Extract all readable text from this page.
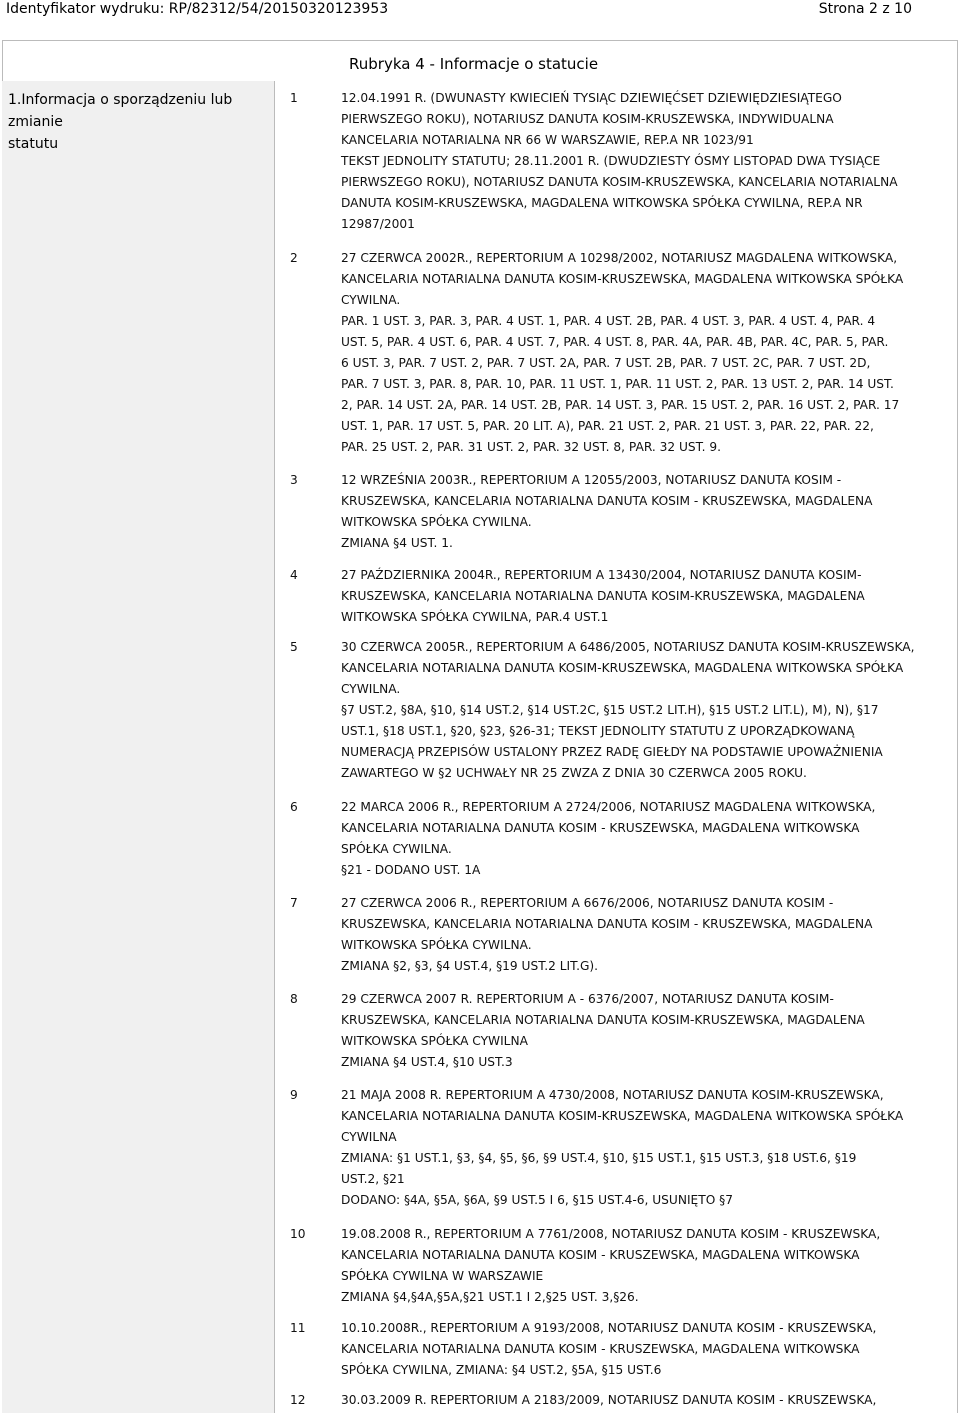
Identyfikator wydruku: RP/82312/54/20150320123953	Strona 2 z 10
Rubryka 4 - Informacje o statucie
1.Informacja o sporządzeniu lub zmianie
statutu
1	12.04.1991 R. (DWUNASTY KWIECIEŃ TYSIĄC DZIEWIĘĆSET DZIEWIĘDZIESIĄTEGO
PIERWSZEGO ROKU), NOTARIUSZ DANUTA KOSIM-KRUSZEWSKA, INDYWIDUALNA
KANCELARIA NOTARIALNA NR 66 W WARSZAWIE, REP.A NR 1023/91
TEKST JEDNOLITY STATUTU; 28.11.2001 R. (DWUDZIESTY ÓSMY LISTOPAD DWA TYSIĄCE
PIERWSZEGO ROKU), NOTARIUSZ DANUTA KOSIM-KRUSZEWSKA, KANCELARIA NOTARIALNA
DANUTA KOSIM-KRUSZEWSKA, MAGDALENA WITKOWSKA SPÓŁKA CYWILNA, REP.A NR
12987/2001
2	27 CZERWCA 2002R., REPERTORIUM A 10298/2002, NOTARIUSZ MAGDALENA WITKOWSKA,
KANCELARIA NOTARIALNA DANUTA KOSIM-KRUSZEWSKA, MAGDALENA WITKOWSKA SPÓŁKA
CYWILNA.
PAR. 1 UST. 3, PAR. 3, PAR. 4 UST. 1, PAR. 4 UST. 2B, PAR. 4 UST. 3, PAR. 4 UST. 4, PAR. 4
UST. 5, PAR. 4 UST. 6, PAR. 4 UST. 7, PAR. 4 UST. 8, PAR. 4A, PAR. 4B, PAR. 4C, PAR. 5, PAR.
6 UST. 3, PAR. 7 UST. 2, PAR. 7 UST. 2A, PAR. 7 UST. 2B, PAR. 7 UST. 2C, PAR. 7 UST. 2D,
PAR. 7 UST. 3, PAR. 8, PAR. 10, PAR. 11 UST. 1, PAR. 11 UST. 2, PAR. 13 UST. 2, PAR. 14 UST.
2, PAR. 14 UST. 2A, PAR. 14 UST. 2B, PAR. 14 UST. 3, PAR. 15 UST. 2, PAR. 16 UST. 2, PAR. 17
UST. 1, PAR. 17 UST. 5, PAR. 20 LIT. A), PAR. 21 UST. 2, PAR. 21 UST. 3, PAR. 22, PAR. 22,
PAR. 25 UST. 2, PAR. 31 UST. 2, PAR. 32 UST. 8, PAR. 32 UST. 9.
3	12 WRZEŚNIA 2003R., REPERTORIUM A 12055/2003, NOTARIUSZ DANUTA KOSIM -
KRUSZEWSKA, KANCELARIA NOTARIALNA DANUTA KOSIM - KRUSZEWSKA, MAGDALENA
WITKOWSKA SPÓŁKA CYWILNA.
ZMIANA §4 UST. 1.
4	27 PAŹDZIERNIKA 2004R., REPERTORIUM A 13430/2004, NOTARIUSZ DANUTA KOSIM-
KRUSZEWSKA, KANCELARIA NOTARIALNA DANUTA KOSIM-KRUSZEWSKA, MAGDALENA
WITKOWSKA SPÓŁKA CYWILNA, PAR.4 UST.1
5	30 CZERWCA 2005R., REPERTORIUM A 6486/2005, NOTARIUSZ DANUTA KOSIM-KRUSZEWSKA,
KANCELARIA NOTARIALNA DANUTA KOSIM-KRUSZEWSKA, MAGDALENA WITKOWSKA SPÓŁKA
CYWILNA.
§7 UST.2, §8A, §10, §14 UST.2, §14 UST.2C, §15 UST.2 LIT.H), §15 UST.2 LIT.L), M), N), §17
UST.1, §18 UST.1, §20, §23, §26-31; TEKST JEDNOLITY STATUTU Z UPORZĄDKOWANĄ
NUMERACJĄ PRZEPISÓW USTALONY PRZEZ RADĘ GIEŁDY NA PODSTAWIE UPOWAŻNIENIA
ZAWARTEGO W §2 UCHWAŁY NR 25 ZWZA Z DNIA 30 CZERWCA 2005 ROKU.
6	22 MARCA 2006 R., REPERTORIUM A 2724/2006, NOTARIUSZ MAGDALENA WITKOWSKA,
KANCELARIA NOTARIALNA DANUTA KOSIM - KRUSZEWSKA, MAGDALENA WITKOWSKA
SPÓŁKA CYWILNA.
§21 - DODANO UST. 1A
7	27 CZERWCA 2006 R., REPERTORIUM A 6676/2006, NOTARIUSZ DANUTA KOSIM -
KRUSZEWSKA, KANCELARIA NOTARIALNA DANUTA KOSIM - KRUSZEWSKA, MAGDALENA
WITKOWSKA SPÓŁKA CYWILNA.
ZMIANA §2, §3, §4 UST.4, §19 UST.2 LIT.G).
8	29 CZERWCA 2007 R. REPERTORIUM A - 6376/2007, NOTARIUSZ DANUTA KOSIM-
KRUSZEWSKA, KANCELARIA NOTARIALNA DANUTA KOSIM-KRUSZEWSKA, MAGDALENA
WITKOWSKA SPÓŁKA CYWILNA
ZMIANA §4 UST.4, §10 UST.3
9	21 MAJA 2008 R. REPERTORIUM A 4730/2008, NOTARIUSZ DANUTA KOSIM-KRUSZEWSKA,
KANCELARIA NOTARIALNA DANUTA KOSIM-KRUSZEWSKA, MAGDALENA WITKOWSKA SPÓŁKA
CYWILNA
ZMIANA: §1 UST.1, §3, §4, §5, §6, §9 UST.4, §10, §15 UST.1, §15 UST.3, §18 UST.6, §19
UST.2, §21
DODANO: §4A, §5A, §6A, §9 UST.5 I 6, §15 UST.4-6, USUNIĘTO §7
10	19.08.2008 R., REPERTORIUM A 7761/2008, NOTARIUSZ DANUTA KOSIM - KRUSZEWSKA,
KANCELARIA NOTARIALNA DANUTA KOSIM - KRUSZEWSKA, MAGDALENA WITKOWSKA
SPÓŁKA CYWILNA W WARSZAWIE
ZMIANA §4,§4A,§5A,§21 UST.1 I 2,§25 UST. 3,§26.
11	10.10.2008R., REPERTORIUM A 9193/2008, NOTARIUSZ DANUTA KOSIM - KRUSZEWSKA,
KANCELARIA NOTARIALNA DANUTA KOSIM - KRUSZEWSKA, MAGDALENA WITKOWSKA
SPÓŁKA CYWILNA, ZMIANA: §4 UST.2, §5A, §15 UST.6
12	30.03.2009 R. REPERTORIUM A 2183/2009, NOTARIUSZ DANUTA KOSIM - KRUSZEWSKA,
